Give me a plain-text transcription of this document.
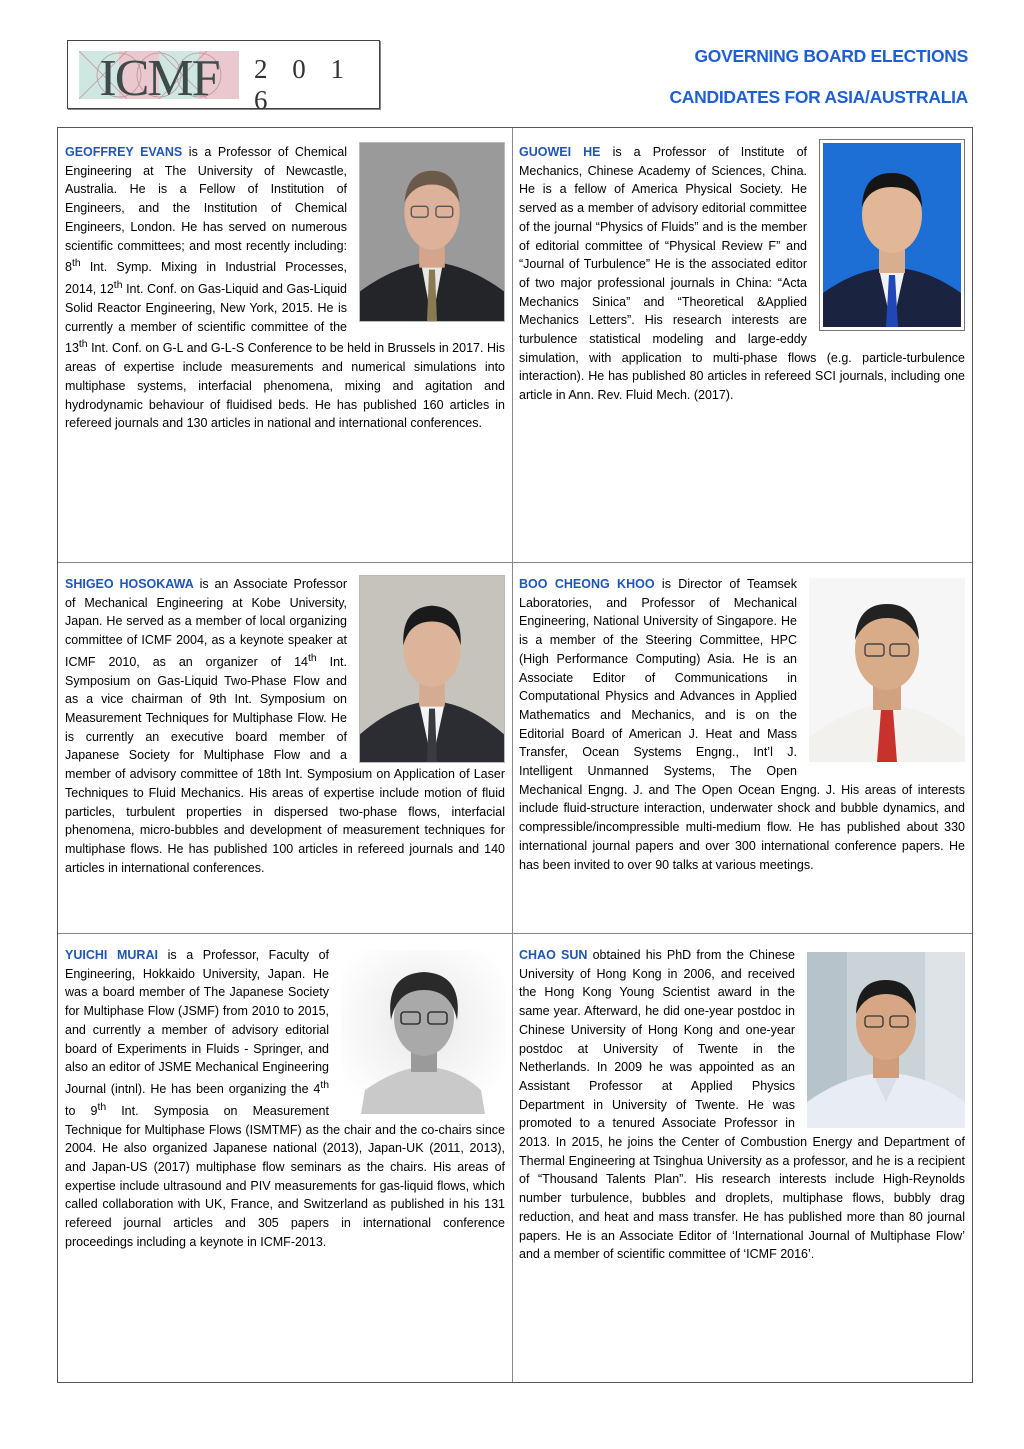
ICMF 2 0 1 6
GOVERNING BOARD ELECTIONS
CANDIDATES FOR ASIA/AUSTRALIA

GEOFFREY EVANS is a Professor of Chemical Engineering at The University of Newcastle, Australia. He is a Fellow of Institution of Engineers, and the Institution of Chemical Engineers, London. He has served on numerous scientific committees; and most recently including: 8th Int. Symp. Mixing in Industrial Processes, 2014, 12th Int. Conf. on Gas-Liquid and Gas-Liquid Solid Reactor Engineering, New York, 2015. He is currently a member of scientific committee of the 13th Int. Conf. on G-L and G-L-S Conference to be held in Brussels in 2017. His areas of expertise include measurements and numerical simulations into multiphase systems, interfacial phenomena, mixing and agitation and hydrodynamic behaviour of fluidised beds. He has published 160 articles in refereed journals and 130 articles in national and international conferences.

GUOWEI HE is a Professor of Institute of Mechanics, Chinese Academy of Sciences, China. He is a fellow of America Physical Society. He served as a member of advisory editorial committee of the journal “Physics of Fluids” and is the member of editorial committee of “Physical Review F” and “Journal of Turbulence” He is the associated editor of two major professional journals in China: “Acta Mechanics Sinica” and “Theoretical &Applied Mechanics Letters”. His research interests are turbulence statistical modeling and large-eddy simulation, with application to multi-phase flows (e.g. particle-turbulence interaction). He has published 80 articles in refereed SCI journals, including one article in Ann. Rev. Fluid Mech. (2017).

SHIGEO HOSOKAWA is an Associate Professor of Mechanical Engineering at Kobe University, Japan. He served as a member of local organizing committee of ICMF 2004, as a keynote speaker at ICMF 2010, as an organizer of 14th Int. Symposium on Gas-Liquid Two-Phase Flow and as a vice chairman of 9th Int. Symposium on Measurement Techniques for Multiphase Flow. He is currently an executive board member of Japanese Society for Multiphase Flow and a member of advisory committee of 18th Int. Symposium on Application of Laser Techniques to Fluid Mechanics. His areas of expertise include motion of fluid particles, turbulent properties in dispersed two-phase flows, interfacial phenomena, micro-bubbles and development of measurement techniques for multiphase flows. He has published 100 articles in refereed journals and 140 articles in international conferences.

BOO CHEONG KHOO is Director of Teamsek Laboratories, and Professor of Mechanical Engineering, National University of Singapore. He is a member of the Steering Committee, HPC (High Performance Computing) Asia. He is an Associate Editor of Communications in Computational Physics and Advances in Applied Mathematics and Mechanics, and is on the Editorial Board of American J. Heat and Mass Transfer, Ocean Systems Engng., Int’l J. Intelligent Unmanned Systems, The Open Mechanical Engng. J. and The Open Ocean Engng. J. His areas of interests include fluid-structure interaction, underwater shock and bubble dynamics, and compressible/incompressible multi-medium flow. He has published about 330 international journal papers and over 300 international conference papers. He has been invited to over 90 talks at various meetings.

YUICHI MURAI is a Professor, Faculty of Engineering, Hokkaido University, Japan. He was a board member of The Japanese Society for Multiphase Flow (JSMF) from 2010 to 2015, and currently a member of advisory editorial board of Experiments in Fluids - Springer, and also an editor of JSME Mechanical Engineering Journal (intnl). He has been organizing the 4th to 9th Int. Symposia on Measurement Technique for Multiphase Flows (ISMTMF) as the chair and the co-chairs since 2004. He also organized Japanese national (2013), Japan-UK (2011, 2013), and Japan-US (2017) multiphase flow seminars as the chairs. His areas of expertise include ultrasound and PIV measurements for gas-liquid flows, which called collaboration with UK, France, and Switzerland as published in his 131 refereed journal articles and 305 papers in international conference proceedings including a keynote in ICMF-2013.

CHAO SUN obtained his PhD from the Chinese University of Hong Kong in 2006, and received the Hong Kong Young Scientist award in the same year. Afterward, he did one-year postdoc in Chinese University of Hong Kong and one-year postdoc at University of Twente in the Netherlands. In 2009 he was appointed as an Assistant Professor at Applied Physics Department in University of Twente. He was promoted to a tenured Associate Professor in 2013. In 2015, he joins the Center of Combustion Energy and Department of Thermal Engineering at Tsinghua University as a professor, and he is a recipient of “Thousand Talents Plan”. His research interests include High-Reynolds number turbulence, bubbles and droplets, multiphase flows, bubbly drag reduction, and heat and mass transfer. He has published more than 80 journal papers. He is an Associate Editor of ‘International Journal of Multiphase Flow’ and a member of scientific committee of ‘ICMF 2016’.
